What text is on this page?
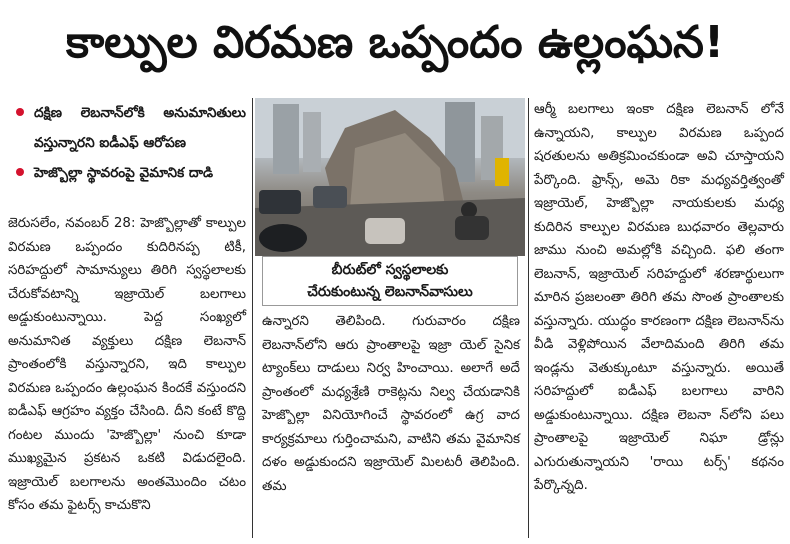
కాల్పుల విరమణ ఒప్పందం ఉల్లంఘన!
దక్షిణ లెబనాన్‌లోకి అనుమానితులు వస్తున్నారని ఐడీఎఫ్ ఆరోపణ
హెజ్బొల్లా స్థావరంపై వైమానిక దాడి
జెరుసలేం, నవంబర్ 28: హెజ్బొల్లాతో కాల్పుల విరమణ ఒప్పందం కుదిరినప్ప టికీ, సరిహద్దులో సామాన్యులు తిరిగి స్వస్థలాలకు చేరుకోవటాన్ని ఇజ్రాయెల్ బలగాలు అడ్డుకుంటున్నాయి. పెద్ద సంఖ్యలో అనుమానిత వ్యక్తులు దక్షిణ లెబనాన్ ప్రాంతంలోకి వస్తున్నారని, ఇది కాల్పుల విరమణ ఒప్పందం ఉల్లంఘన కిందకే వస్తుందని ఐడీఎఫ్ ఆగ్రహం వ్యక్తం చేసింది. దీని కంటే కొద్ది గంటల ముందు 'హెజ్బొల్లా' నుంచి కూడా ముఖ్యమైన ప్రకటన ఒకటి విడుదలైంది. ఇజ్రాయెల్ బలగాలను అంతమొందిం చటం కోసం తమ ఫైటర్స్ కాచుకొని
బీరుట్‌లో స్వస్థలాలకు
చేరుకుంటున్న లెబనాన్‌వాసులు
ఉన్నారని తెలిపింది. గురువారం దక్షిణ లెబనాన్‌లోని ఆరు ప్రాంతాలపై ఇజ్రా యెల్ సైనిక ట్యాంక్‌లు దాడులు నిర్వ హించాయి. అలాగే అదే ప్రాంతంలో మధ్యశ్రేణి రాకెట్లను నిల్వ చేయడానికి హెజ్బొల్లా వినియోగించే స్థావరంలో ఉగ్ర వాద కార్యక్రమాలు గుర్తించామని, వాటిని తమ వైమానిక దళం అడ్డుకుందని ఇజ్రాయెల్ మిలటరీ తెలిపింది. తమ
ఆర్మీ బలగాలు ఇంకా దక్షిణ లెబనాన్ లోనే ఉన్నాయని, కాల్పుల విరమణ ఒప్పంద షరతులను అతిక్రమించకుండా అవి చూస్తాయని పేర్కొంది. ఫ్రాన్స్, అమె రికా మధ్యవర్తిత్వంతో ఇజ్రాయెల్, హెజ్బొల్లా నాయకులకు మధ్య కుదిరిన కాల్పుల విరమణ బుధవారం తెల్లవారు జాము నుంచి అమల్లోకి వచ్చింది. ఫలి తంగా లెబనాన్, ఇజ్రాయెల్ సరిహద్దులో శరణార్థులుగా మారిన ప్రజలంతా తిరిగి తమ సొంత ప్రాంతాలకు వస్తున్నారు. యుద్ధం కారణంగా దక్షిణ లెబనాన్‌ను వీడి వెళ్లిపోయిన వేలాదిమంది తిరిగి తమ ఇండ్లను వెతుక్కుంటూ వస్తున్నారు. అయితే సరిహద్దులో ఐడీఎఫ్ బలగాలు వారిని అడ్డుకుంటున్నాయి. దక్షిణ లెబనా న్‌లోని పలు ప్రాంతాలపై ఇజ్రాయెల్ నిఘా డ్రోన్లు ఎగురుతున్నాయని 'రాయి టర్స్' కథనం పేర్కొన్నది.
